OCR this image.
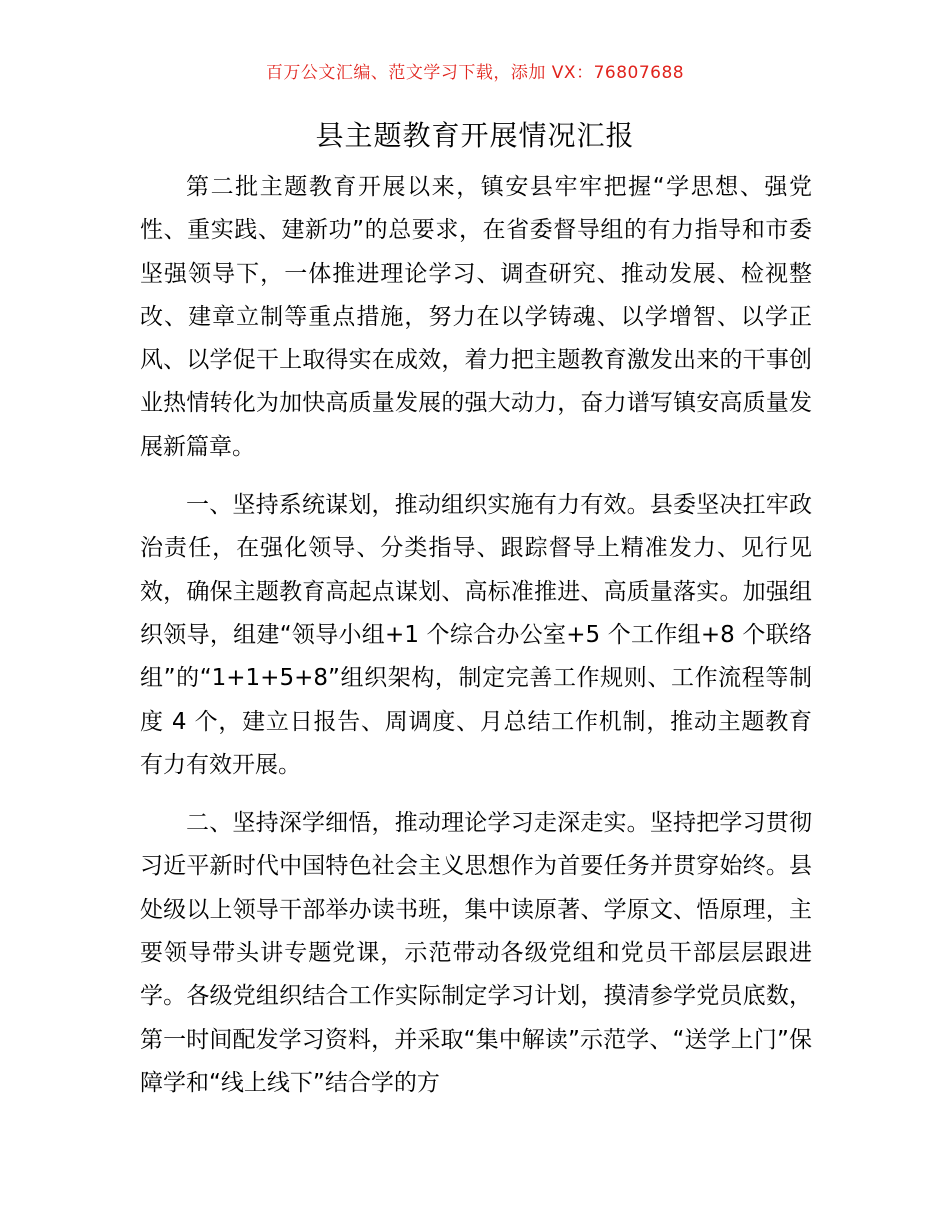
百万公文汇编、范文学习下载，添加 VX：76807688
县主题教育开展情况汇报

第二批主题教育开展以来，镇安县牢牢把握“学思想、强党性、重实践、建新功”的总要求，在省委督导组的有力指导和市委坚强领导下，一体推进理论学习、调查研究、推动发展、检视整改、建章立制等重点措施，努力在以学铸魂、以学增智、以学正风、以学促干上取得实在成效，着力把主题教育激发出来的干事创业热情转化为加快高质量发展的强大动力，奋力谱写镇安高质量发展新篇章。

一、坚持系统谋划，推动组织实施有力有效。县委坚决扛牢政治责任，在强化领导、分类指导、跟踪督导上精准发力、见行见效，确保主题教育高起点谋划、高标准推进、高质量落实。加强组织领导，组建“领导小组+1 个综合办公室+5 个工作组+8 个联络组”的“1+1+5+8”组织架构，制定完善工作规则、工作流程等制度 4 个，建立日报告、周调度、月总结工作机制，推动主题教育有力有效开展。

二、坚持深学细悟，推动理论学习走深走实。坚持把学习贯彻习近平新时代中国特色社会主义思想作为首要任务并贯穿始终。县处级以上领导干部举办读书班，集中读原著、学原文、悟原理，主要领导带头讲专题党课，示范带动各级党组和党员干部层层跟进学。各级党组织结合工作实际制定学习计划，摸清参学党员底数，第一时间配发学习资料，并采取“集中解读”示范学、“送学上门”保障学和“线上线下”结合学的方
